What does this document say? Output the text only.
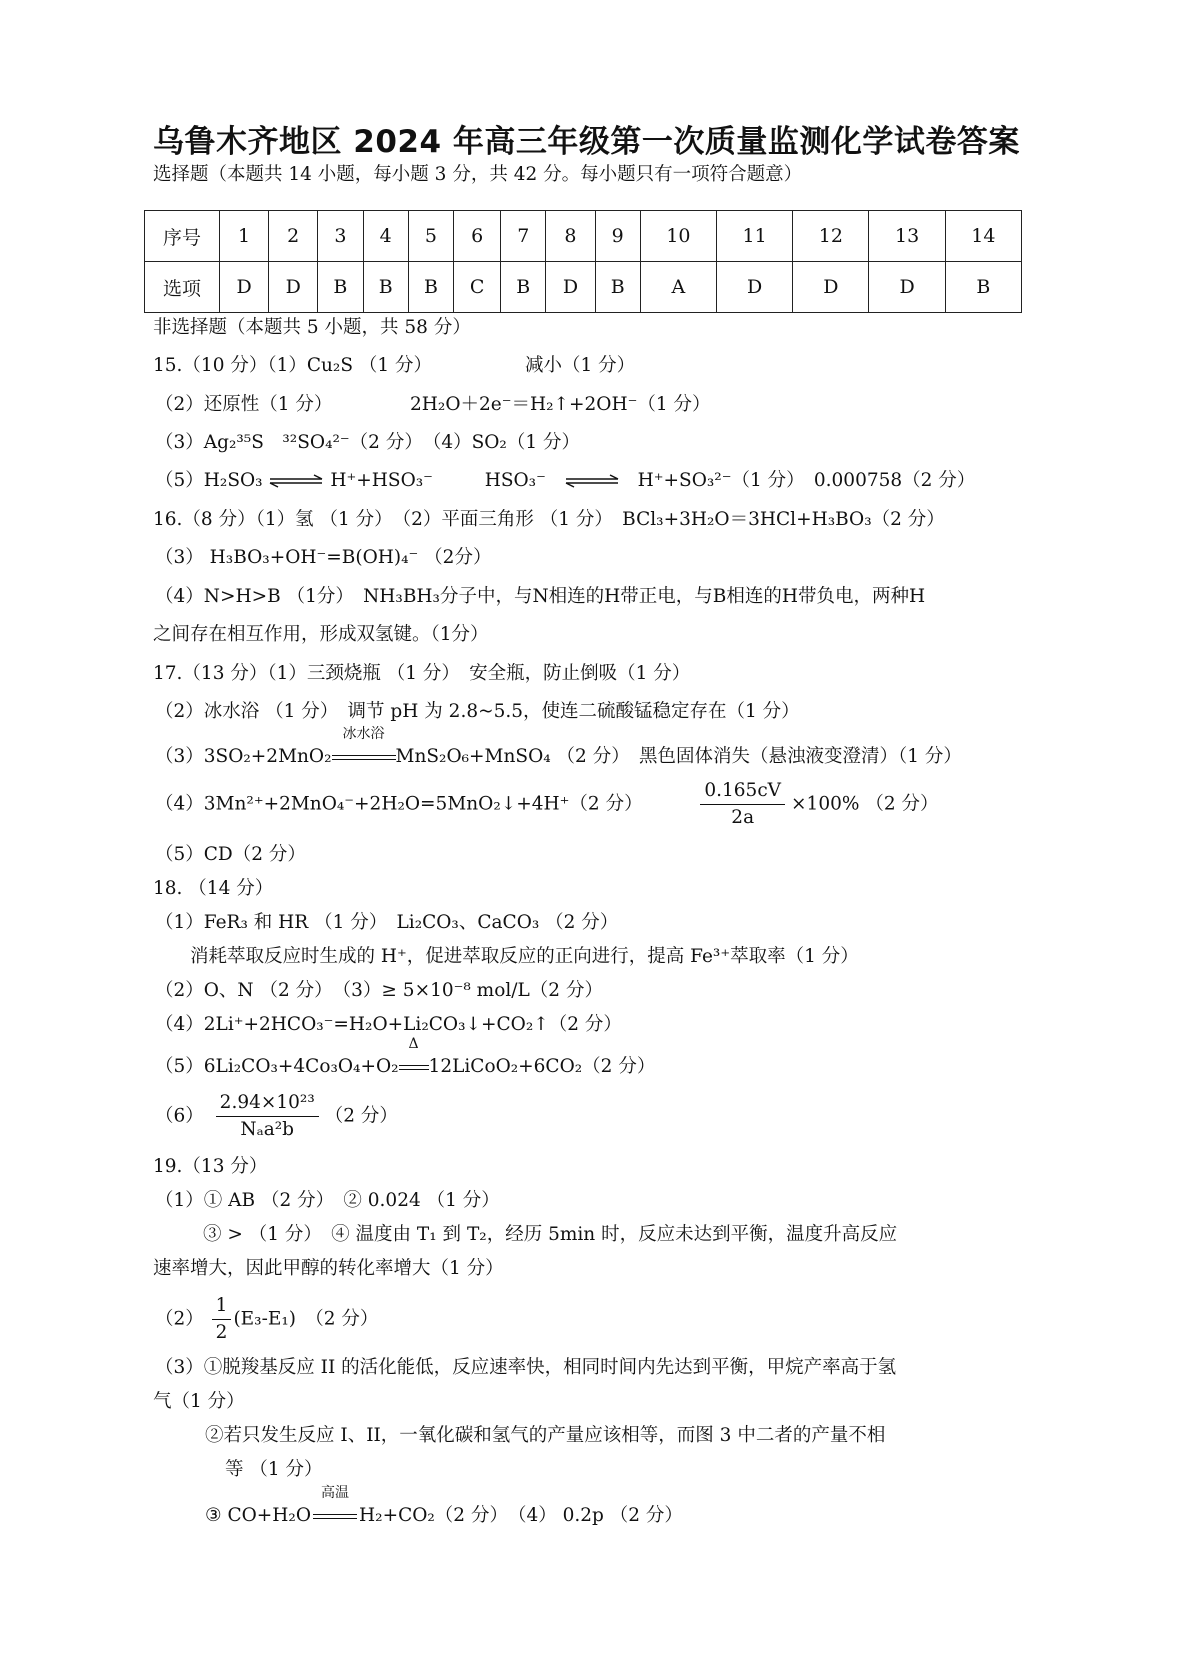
乌鲁木齐地区 2024 年高三年级第一次质量监测化学试卷答案
选择题（本题共 14 小题，每小题 3 分，共 42 分。每小题只有一项符合题意）
序号	1	2	3	4	5	6	7	8	9	10	11	12	13	14
选项	D	D	B	B	B	C	B	D	B	A	D	D	D	B
非选择题（本题共 5 小题，共 58 分）
15.（10 分）（1）Cu₂S （1 分）	减小（1 分）
（2）还原性（1 分）	2H₂O＋2e⁻＝H₂↑+2OH⁻（1 分）
（3）Ag₂³⁵S　³²SO₄²⁻（2 分）　（4）SO₂（1 分）
（5）H₂SO₃ ⇌ H⁺+HSO₃⁻	HSO₃⁻ ⇌ H⁺+SO₃²⁻（1 分）　0.000758（2 分）
16.（8 分）（1）氢 （1 分）　（2）平面三角形 （1 分）　BCl₃+3H₂O＝3HCl+H₃BO₃（2 分）
（3） H₃BO₃+OH⁻=B(OH)₄⁻ （2分）
（4）N>H>B （1分）　NH₃BH₃分子中，与N相连的H带正电，与B相连的H带负电，两种H
之间存在相互作用，形成双氢键。（1分）
17.（13 分）（1）三颈烧瓶 （1 分）　安全瓶，防止倒吸（1 分）
（2）冰水浴 （1 分）　调节 pH 为 2.8~5.5，使连二硫酸锰稳定存在（1 分）
（3）3SO₂+2MnO₂
冰水浴
MnS₂O₆+MnSO₄ （2 分）　黑色固体消失（悬浊液变澄清）（1 分）
（4）3Mn²⁺+2MnO₄⁻+2H₂O=5MnO₂↓+4H⁺（2 分）	$\frac{0.165cV}{2a} \times 100\%$ （2 分）
（5）CD（2 分）
18. （14 分）
（1）FeR₃ 和 HR （1 分）　Li₂CO₃、CaCO₃ （2 分）
消耗萃取反应时生成的 H⁺，促进萃取反应的正向进行，提高 Fe³⁺萃取率（1 分）
（2）O、N （2 分）　（3）≥ 5×10⁻⁸ mol/L（2 分）
（4）2Li⁺+2HCO₃⁻=H₂O+Li₂CO₃↓+CO₂↑（2 分）
（5）6Li₂CO₃+4Co₃O₄+O₂
Δ
12LiCoO₂+6CO₂（2 分）
$(6) \frac{\text{2.94×10²³}}{\text{Nₐa²b}} (2$ 分）
19.（13 分）
（1）① AB （2 分）　② 0.024 （1 分）
③ > （1 分）　④ 温度由 T₁ 到 T₂，经历 5min 时，反应未达到平衡，温度升高反应
速率增大，因此甲醇的转化率增大（1 分）
$(2) \frac{1}{2} (E_3-E_1)$　（2 分）
（3）①脱羧基反应 II 的活化能低，反应速率快，相同时间内先达到平衡，甲烷产率高于氢
气（1 分）
②若只发生反应 I、II，一氧化碳和氢气的产量应该相等，而图 3 中二者的产量不相
等 （1 分）
③ CO+H₂O
高温
H₂+CO₂（2 分）　（4） 0.2p （2 分）
